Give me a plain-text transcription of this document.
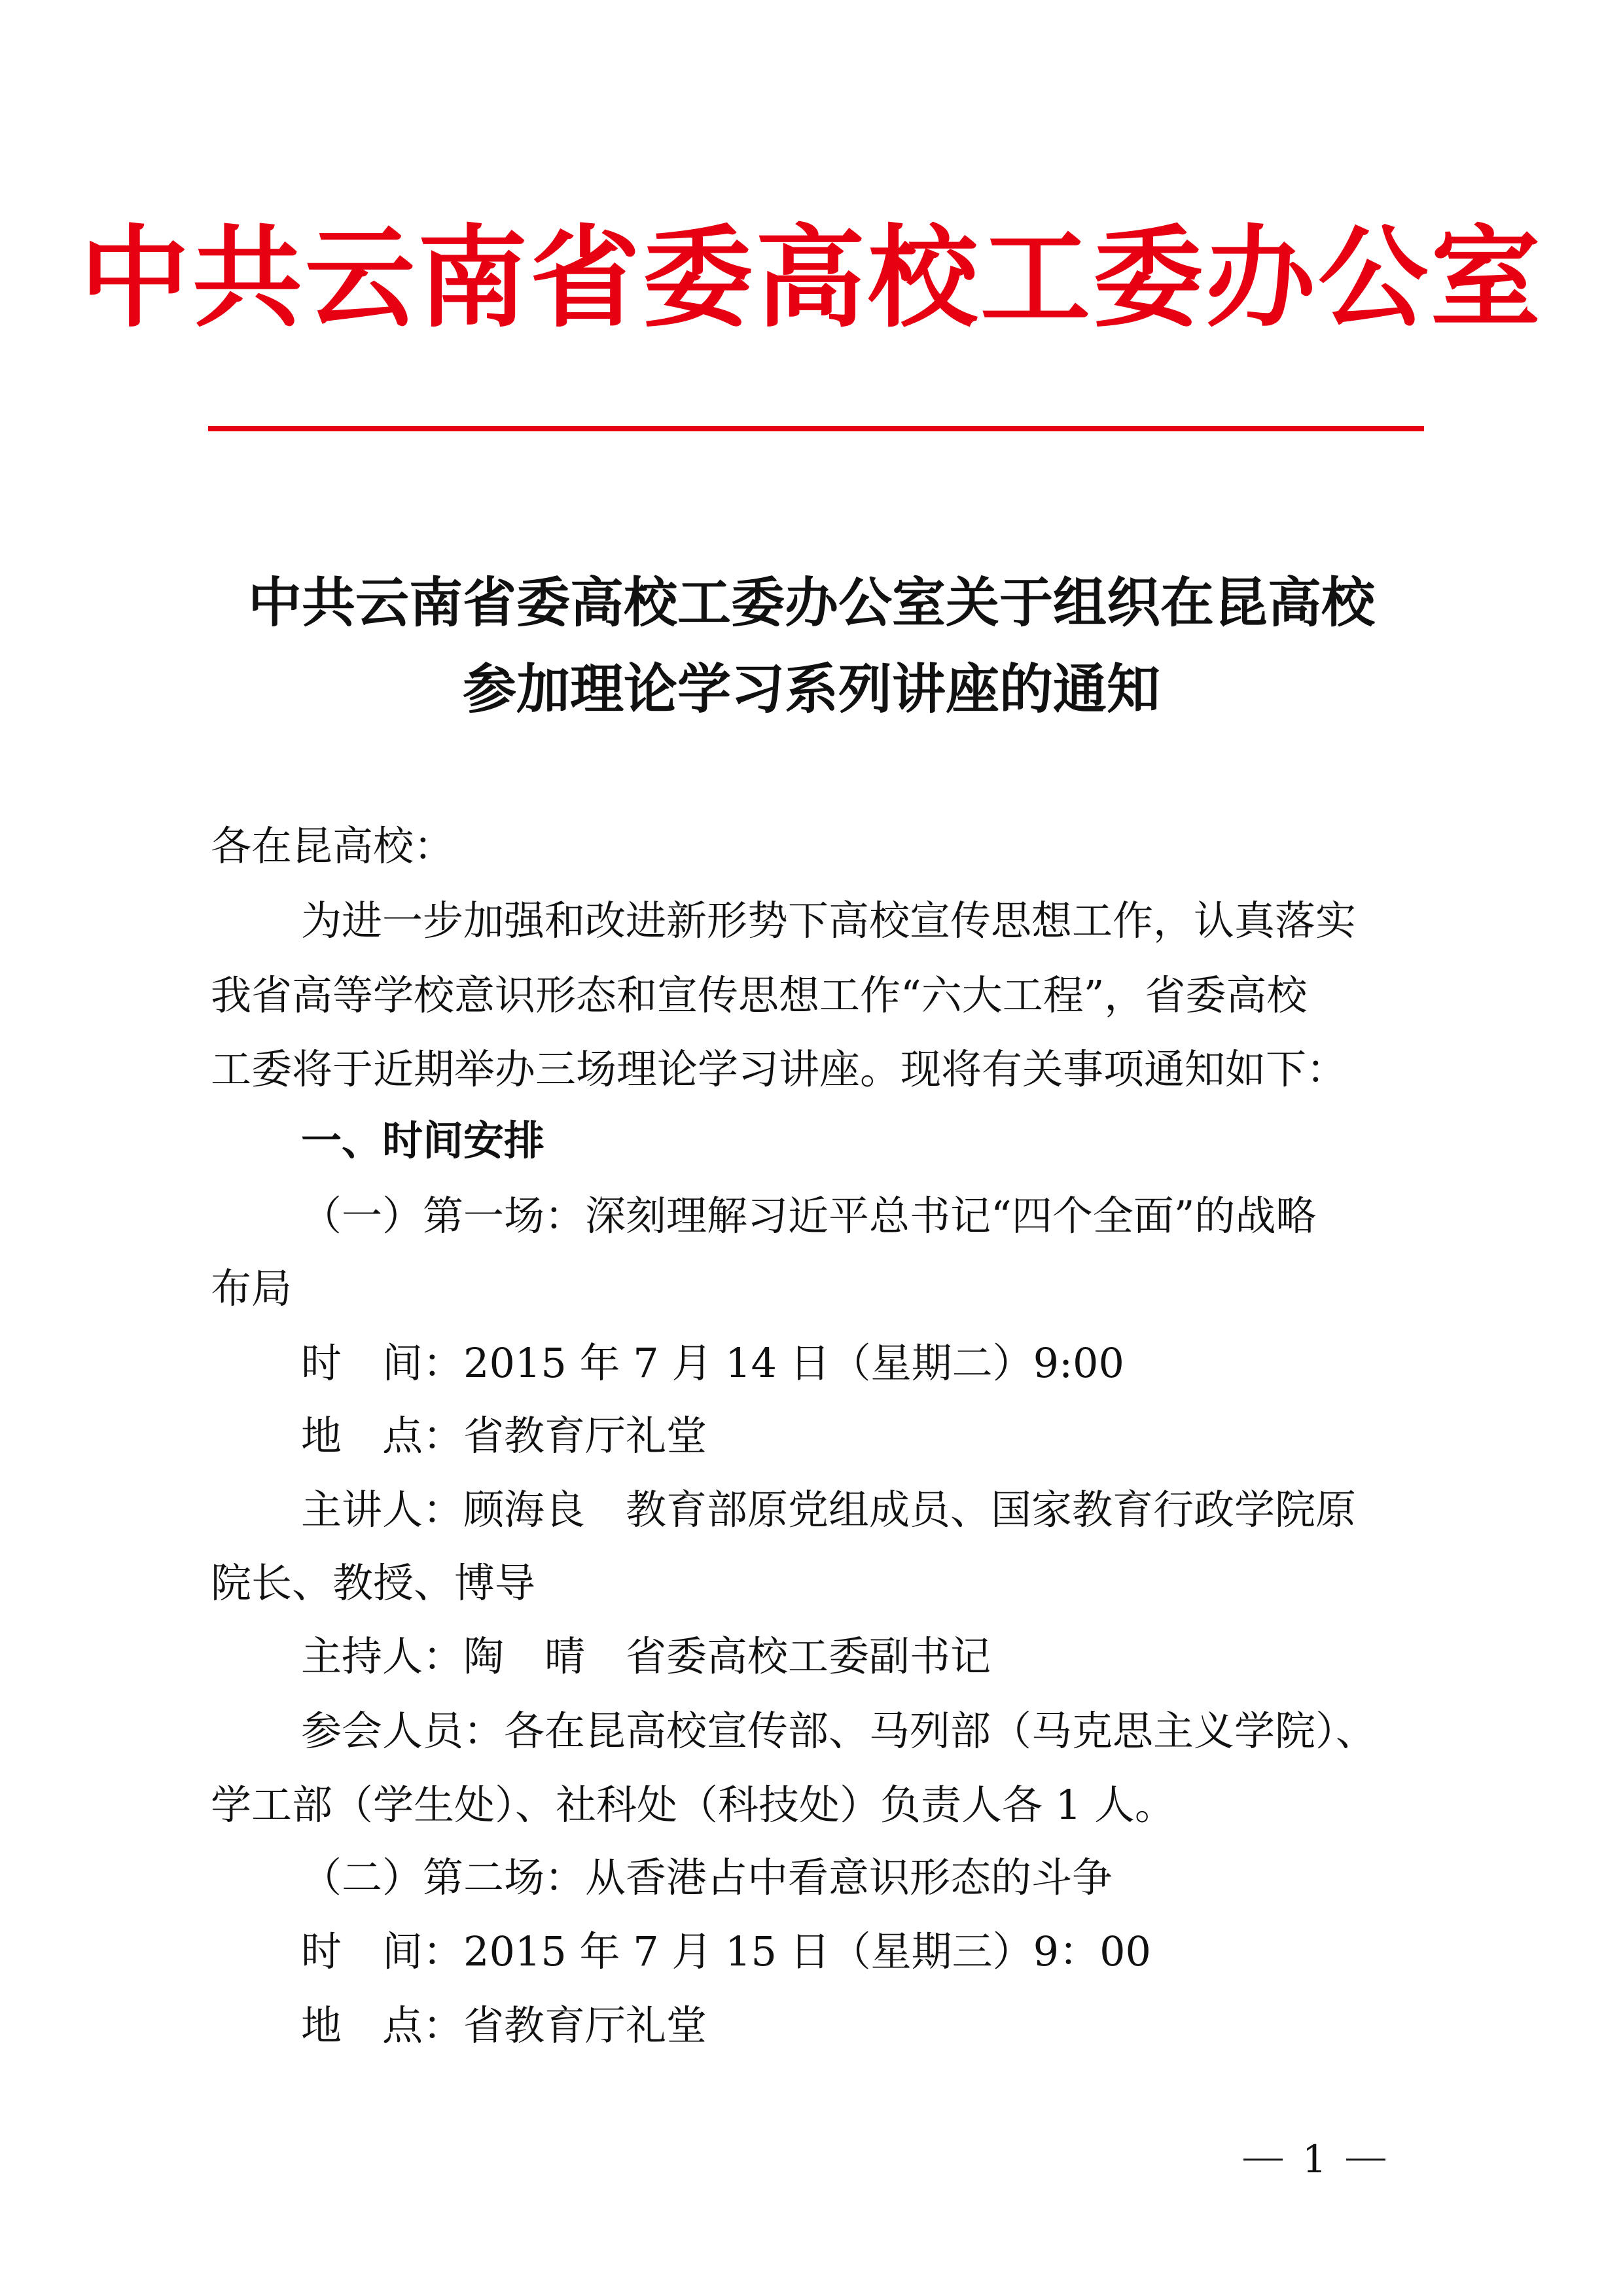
中共云南省委高校工委办公室
中共云南省委高校工委办公室关于组织在昆高校
参加理论学习系列讲座的通知
各在昆高校：
为进一步加强和改进新形势下高校宣传思想工作，认真落实
我省高等学校意识形态和宣传思想工作“六大工程”，省委高校
工委将于近期举办三场理论学习讲座。现将有关事项通知如下：
一、时间安排
（一）第一场：深刻理解习近平总书记“四个全面”的战略
布局
时　间：2015 年 7 月 14 日（星期二）9:00
地　点：省教育厅礼堂
主讲人：顾海良　教育部原党组成员、国家教育行政学院原
院长、教授、博导
主持人：陶　晴　省委高校工委副书记
参会人员：各在昆高校宣传部、马列部（马克思主义学院）、
学工部（学生处）、社科处（科技处）负责人各 1 人。
（二）第二场：从香港占中看意识形态的斗争
时　间：2015 年 7 月 15 日（星期三）9：00
地　点：省教育厅礼堂
1
